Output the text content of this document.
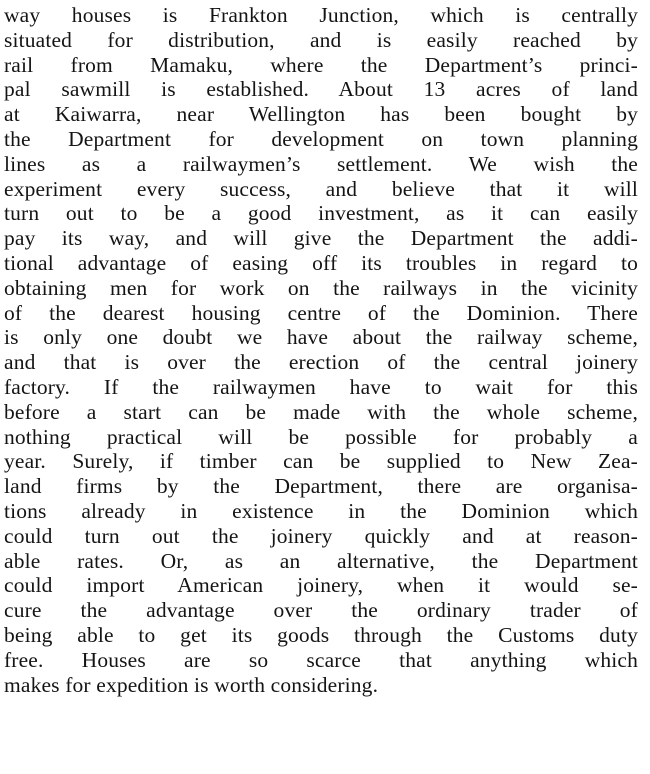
way houses is Frankton Junction, which is centrally
situated for distribution, and is easily reached by
rail from Mamaku, where the Department’s princi-
pal sawmill is established. About 13 acres of land
at Kaiwarra, near Wellington has been bought by
the Department for development on town planning
lines as a railwaymen’s settlement. We wish the
experiment every success, and believe that it will
turn out to be a good investment, as it can easily
pay its way, and will give the Department the addi-
tional advantage of easing off its troubles in regard to
obtaining men for work on the railways in the vicinity
of the dearest housing centre of the Dominion. There
is only one doubt we have about the railway scheme,
and that is over the erection of the central joinery
factory. If the railwaymen have to wait for this
before a start can be made with the whole scheme,
nothing practical will be possible for probably a
year. Surely, if timber can be supplied to New Zea-
land firms by the Department, there are organisa-
tions already in existence in the Dominion which
could turn out the joinery quickly and at reason-
able rates. Or, as an alternative, the Department
could import American joinery, when it would se-
cure the advantage over the ordinary trader of
being able to get its goods through the Customs duty
free. Houses are so scarce that anything which
makes for expedition is worth considering.
